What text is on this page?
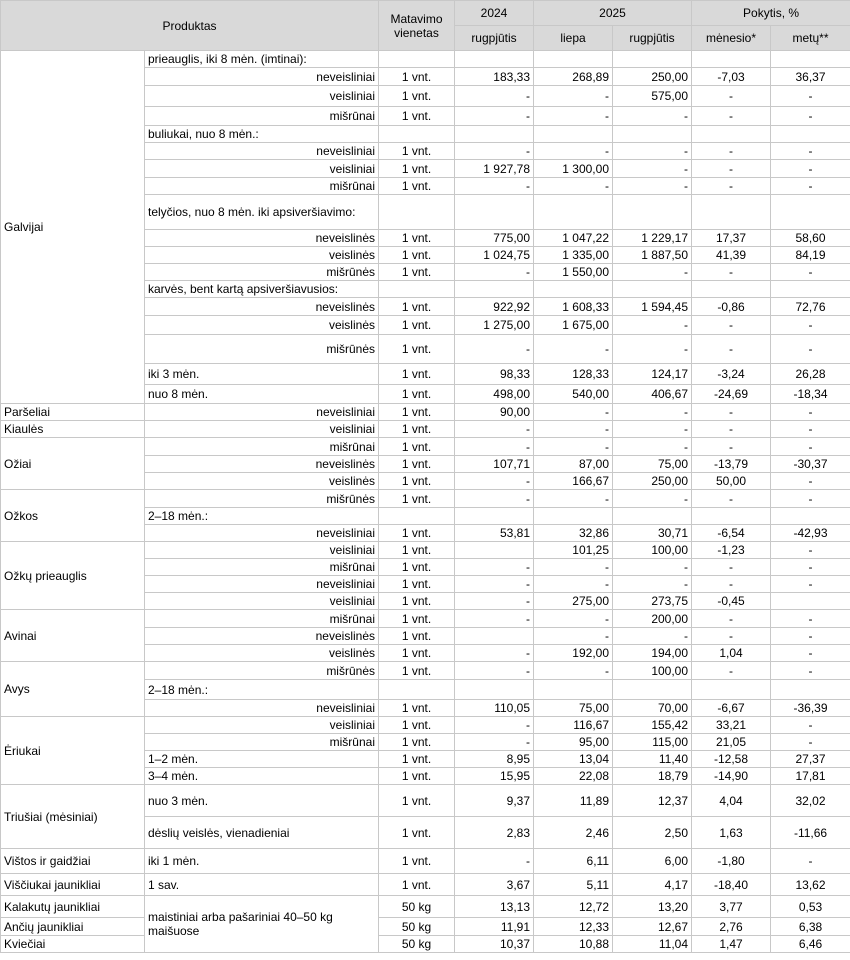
Produktas		Matavimo vienetas	2024	2025		Pokytis, %	
			rugpjūtis	liepa	rugpjūtis	mėnesio*	metų**
Galvijai	prieauglis, iki 8 mėn. (imtinai):						
	neveisliniai	1 vnt.	183,33	268,89	250,00	-7,03	36,37
	veisliniai	1 vnt.	-	-	575,00	-	-
	mišrūnai	1 vnt.	-	-	-	-	-
	buliukai, nuo 8 mėn.:						
	neveisliniai	1 vnt.	-	-	-	-	-
	veisliniai	1 vnt.	1 927,78	1 300,00	-	-	-
	mišrūnai	1 vnt.	-	-	-	-	-
	telyčios, nuo 8 mėn. iki apsiveršiavimo:						
	neveislinės	1 vnt.	775,00	1 047,22	1 229,17	17,37	58,60
	veislinės	1 vnt.	1 024,75	1 335,00	1 887,50	41,39	84,19
	mišrūnės	1 vnt.	-	1 550,00	-	-	-
	karvės, bent kartą apsiveršiavusios:						
	neveislinės	1 vnt.	922,92	1 608,33	1 594,45	-0,86	72,76
	veislinės	1 vnt.	1 275,00	1 675,00	-	-	-
	mišrūnės	1 vnt.	-	-	-	-	-
	iki 3 mėn.	1 vnt.	98,33	128,33	124,17	-3,24	26,28
	nuo 8 mėn.	1 vnt.	498,00	540,00	406,67	-24,69	-18,34
Paršeliai	neveisliniai	1 vnt.	90,00	-	-	-	-
Kiaulės	veisliniai	1 vnt.	-	-	-	-	-
Ožiai	mišrūnai	1 vnt.	-	-	-	-	-
	neveislinės	1 vnt.	107,71	87,00	75,00	-13,79	-30,37
	veislinės	1 vnt.	-	166,67	250,00	50,00	-
Ožkos	mišrūnės	1 vnt.	-	-	-	-	-
	2–18 mėn.:						
	neveisliniai	1 vnt.	53,81	32,86	30,71	-6,54	-42,93
Ožkų prieauglis	veisliniai	1 vnt.		101,25	100,00	-1,23	-
	mišrūnai	1 vnt.	-	-	-	-	-
	neveisliniai	1 vnt.	-	-	-	-	-
	veisliniai	1 vnt.	-	275,00	273,75	-0,45	
Avinai	mišrūnai	1 vnt.	-	-	200,00	-	-
	neveislinės	1 vnt.		-	-	-	-
	veislinės	1 vnt.	-	192,00	194,00	1,04	-
Avys	mišrūnės	1 vnt.	-	-	100,00	-	-
	2–18 mėn.:						
	neveisliniai	1 vnt.	110,05	75,00	70,00	-6,67	-36,39
Ėriukai	veisliniai	1 vnt.	-	116,67	155,42	33,21	-
	mišrūnai	1 vnt.	-	95,00	115,00	21,05	-
	1–2 mėn.	1 vnt.	8,95	13,04	11,40	-12,58	27,37
	3–4 mėn.	1 vnt.	15,95	22,08	18,79	-14,90	17,81
Triušiai (mėsiniai)	nuo 3 mėn.	1 vnt.	9,37	11,89	12,37	4,04	32,02
	dėslių veislės, vienadieniai	1 vnt.	2,83	2,46	2,50	1,63	-11,66
Vištos ir gaidžiai	iki 1 mėn.	1 vnt.	-	6,11	6,00	-1,80	-
Viščiukai jaunikliai	1 sav.	1 vnt.	3,67	5,11	4,17	-18,40	13,62
Kalakutų jaunikliai	maistiniai arba pašariniai 40–50 kg maišuose	50 kg	13,13	12,72	13,20	3,77	0,53
Ančių jaunikliai		50 kg	11,91	12,33	12,67	2,76	6,38
Kviečiai		50 kg	10,37	10,88	11,04	1,47	6,46
